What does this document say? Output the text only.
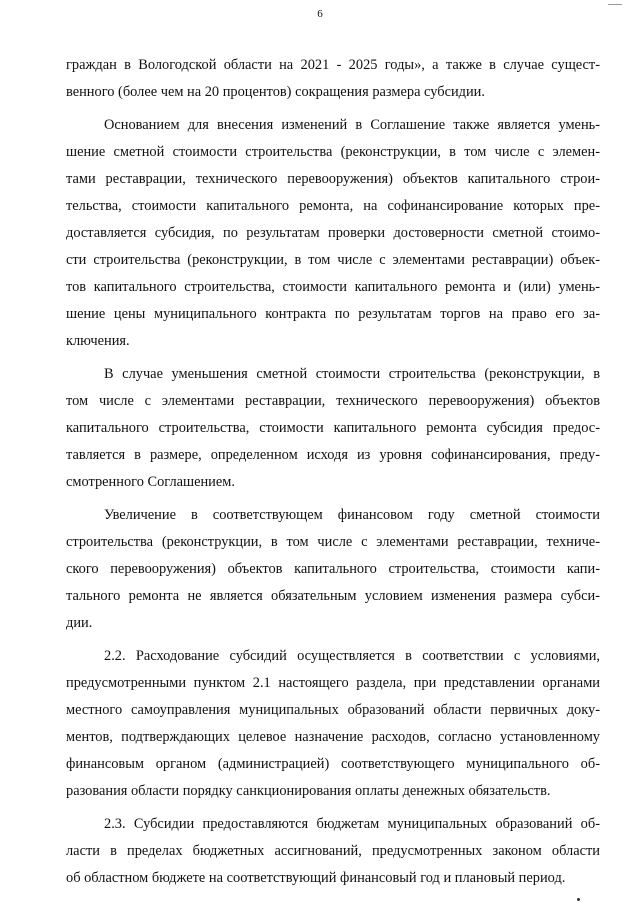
6
граждан в Вологодской области на 2021 - 2025 годы», а также в случае сущест-
венного (более чем на 20 процентов) сокращения размера субсидии.
Основанием для внесения изменений в Соглашение также является умень-
шение сметной стоимости строительства (реконструкции, в том числе с элемен-
тами реставрации, технического перевооружения) объектов капитального строи-
тельства, стоимости капитального ремонта, на софинансирование которых пре-
доставляется субсидия, по результатам проверки достоверности сметной стоимо-
сти строительства (реконструкции, в том числе с элементами реставрации) объек-
тов капитального строительства, стоимости капитального ремонта и (или) умень-
шение цены муниципального контракта по результатам торгов на право его за-
ключения.
В случае уменьшения сметной стоимости строительства (реконструкции, в
том числе с элементами реставрации, технического перевооружения) объектов
капитального строительства, стоимости капитального ремонта субсидия предос-
тавляется в размере, определенном исходя из уровня софинансирования, преду-
смотренного Соглашением.
Увеличение в соответствующем финансовом году сметной стоимости
строительства (реконструкции, в том числе с элементами реставрации, техниче-
ского перевооружения) объектов капитального строительства, стоимости капи-
тального ремонта не является обязательным условием изменения размера субси-
дии.
2.2. Расходование субсидий осуществляется в соответствии с условиями,
предусмотренными пунктом 2.1 настоящего раздела, при представлении органами
местного самоуправления муниципальных образований области первичных доку-
ментов, подтверждающих целевое назначение расходов, согласно установленному
финансовым органом (администрацией) соответствующего муниципального об-
разования области порядку санкционирования оплаты денежных обязательств.
2.3. Субсидии предоставляются бюджетам муниципальных образований об-
ласти в пределах бюджетных ассигнований, предусмотренных законом области
об областном бюджете на соответствующий финансовый год и плановый период.
